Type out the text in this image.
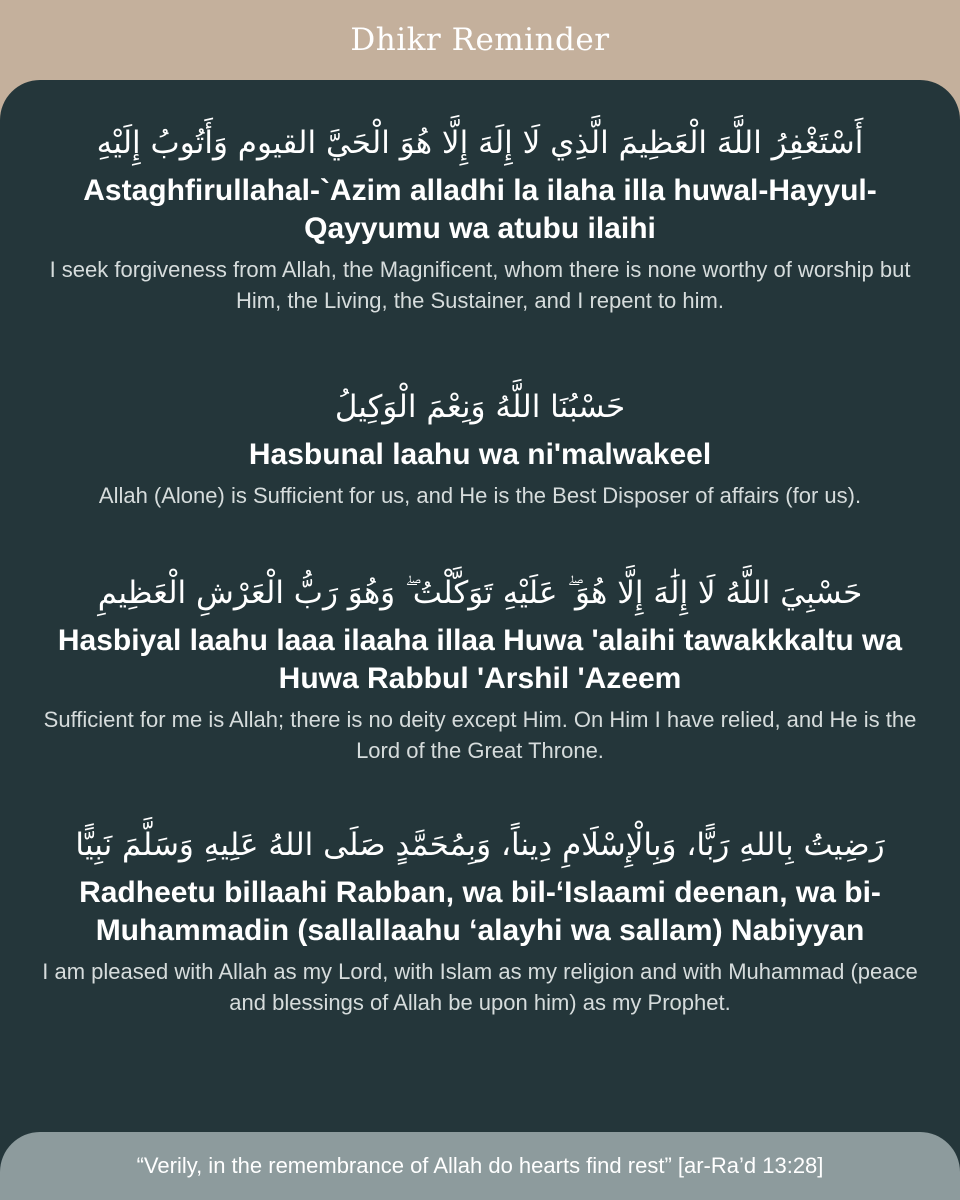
Dhikr Reminder
أَسْتَغْفِرُ اللَّهَ الْعَظِيمَ الَّذِي لَا إِلَهَ إِلَّا هُوَ الْحَيَّ القيوم وَأَتُوبُ إِلَيْهِ
Astaghfirullahal-`Azim alladhi la ilaha illa huwal-Hayyul-Qayyumu wa atubu ilaihi
I seek forgiveness from Allah, the Magnificent, whom there is none worthy of worship but Him, the Living, the Sustainer, and I repent to him.
حَسْبُنَا اللَّهُ وَنِعْمَ الْوَكِيلُ
Hasbunal laahu wa ni'malwakeel
Allah (Alone) is Sufficient for us, and He is the Best Disposer of affairs (for us).
حَسْبِيَ اللَّهُ لَا إِلَٰهَ إِلَّا هُوَ ۖ عَلَيْهِ تَوَكَّلْتُ ۖ وَهُوَ رَبُّ الْعَرْشِ الْعَظِيمِ
Hasbiyal laahu laaa ilaaha illaa Huwa 'alaihi tawakkkaltu wa Huwa Rabbul 'Arshil 'Azeem
Sufficient for me is Allah; there is no deity except Him. On Him I have relied, and He is the Lord of the Great Throne.
رَضِيتُ بِاللهِ رَبًّا، وَبِالْإِسْلَامِ دِيناً، وَبِمُحَمَّدٍ صَلَى اللهُ عَلِيهِ وَسَلَّمَ نَبِيًّا
Radheetu billaahi Rabban, wa bil-‘Islaami deenan, wa bi-Muhammadin (sallallaahu ‘alayhi wa sallam) Nabiyyan
I am pleased with Allah as my Lord, with Islam as my religion and with Muhammad (peace and blessings of Allah be upon him) as my Prophet.
“Verily, in the remembrance of Allah do hearts find rest” [ar-Ra’d 13:28]
